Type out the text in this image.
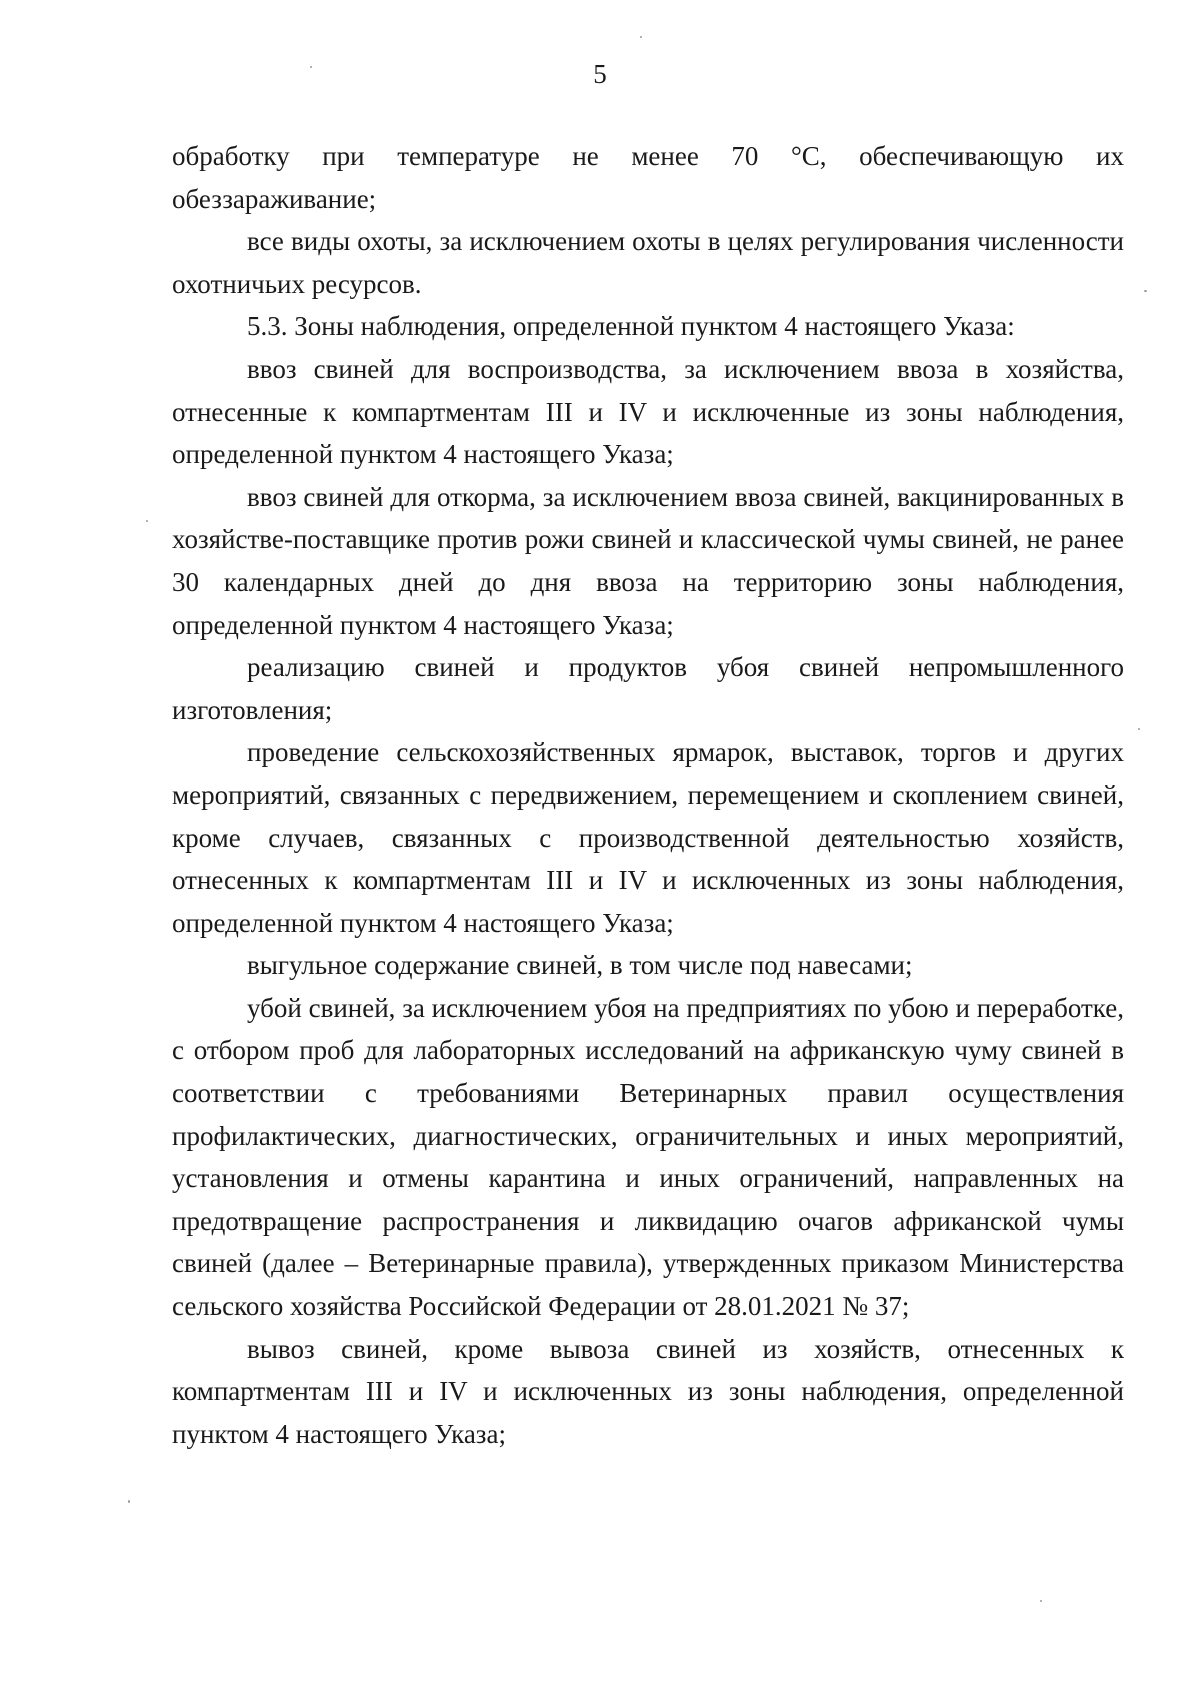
5

обработку при температуре не менее 70 °С, обеспечивающую их обеззараживание;

все виды охоты, за исключением охоты в целях регулирования численности охотничьих ресурсов.

5.3. Зоны наблюдения, определенной пунктом 4 настоящего Указа:

ввоз свиней для воспроизводства, за исключением ввоза в хозяйства, отнесенные к компартментам III и IV и исключенные из зоны наблюдения, определенной пунктом 4 настоящего Указа;

ввоз свиней для откорма, за исключением ввоза свиней, вакцинированных в хозяйстве-поставщике против рожи свиней и классической чумы свиней, не ранее 30 календарных дней до дня ввоза на территорию зоны наблюдения, определенной пунктом 4 настоящего Указа;

реализацию свиней и продуктов убоя свиней непромышленного изготовления;

проведение сельскохозяйственных ярмарок, выставок, торгов и других мероприятий, связанных с передвижением, перемещением и скоплением свиней, кроме случаев, связанных с производственной деятельностью хозяйств, отнесенных к компартментам III и IV и исключенных из зоны наблюдения, определенной пунктом 4 настоящего Указа;

выгульное содержание свиней, в том числе под навесами;

убой свиней, за исключением убоя на предприятиях по убою и переработке, с отбором проб для лабораторных исследований на африканскую чуму свиней в соответствии с требованиями Ветеринарных правил осуществления профилактических, диагностических, ограничительных и иных мероприятий, установления и отмены карантина и иных ограничений, направленных на предотвращение распространения и ликвидацию очагов африканской чумы свиней (далее – Ветеринарные правила), утвержденных приказом Министерства сельского хозяйства Российской Федерации от 28.01.2021 № 37;

вывоз свиней, кроме вывоза свиней из хозяйств, отнесенных к компартментам III и IV и исключенных из зоны наблюдения, определенной пунктом 4 настоящего Указа;
